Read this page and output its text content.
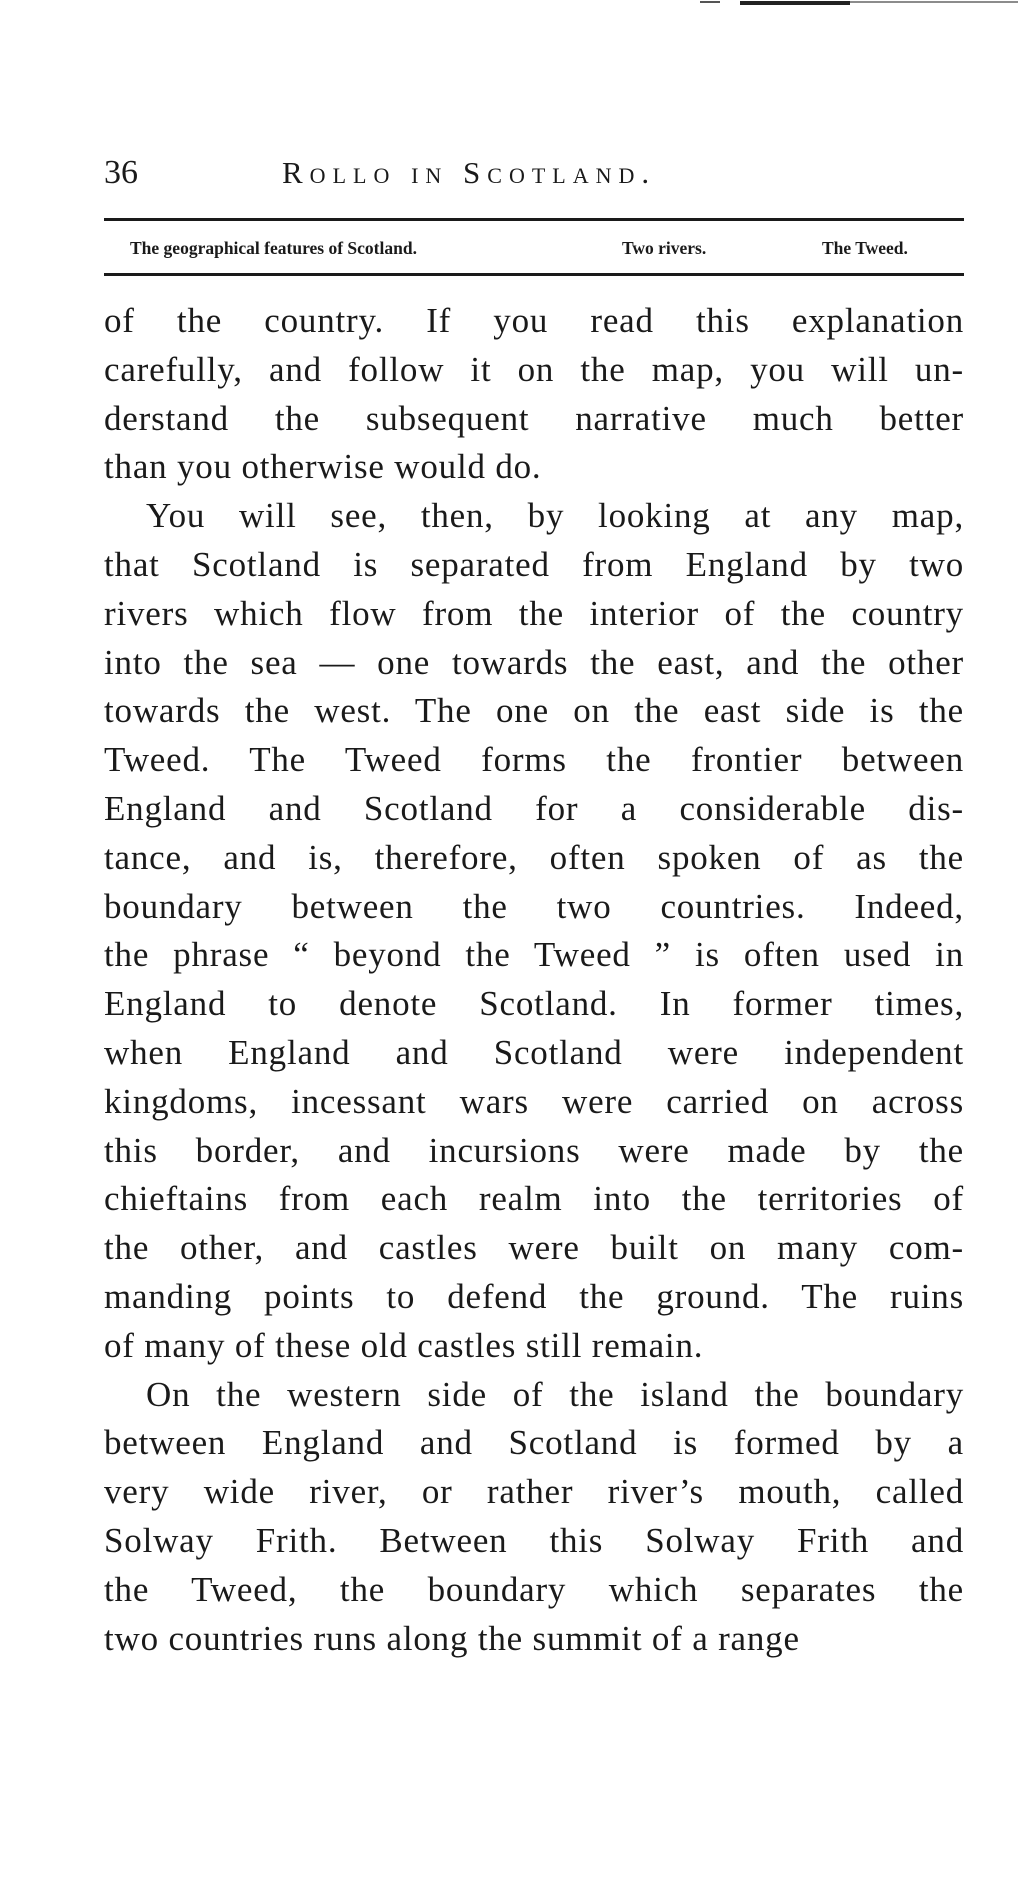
36	Rollo in Scotland.
The geographical features of Scotland.	Two rivers.	The Tweed.
of the country. If you read this explanation
carefully, and follow it on the map, you will un-
derstand the subsequent narrative much better
than you otherwise would do.
You will see, then, by looking at any map,
that Scotland is separated from England by two
rivers which flow from the interior of the country
into the sea — one towards the east, and the other
towards the west. The one on the east side is the
Tweed. The Tweed forms the frontier between
England and Scotland for a considerable dis-
tance, and is, therefore, often spoken of as the
boundary between the two countries. Indeed,
the phrase “ beyond the Tweed ” is often used in
England to denote Scotland. In former times,
when England and Scotland were independent
kingdoms, incessant wars were carried on across
this border, and incursions were made by the
chieftains from each realm into the territories of
the other, and castles were built on many com-
manding points to defend the ground. The ruins
of many of these old castles still remain.
On the western side of the island the boundary
between England and Scotland is formed by a
very wide river, or rather river’s mouth, called
Solway Frith. Between this Solway Frith and
the Tweed, the boundary which separates the
two countries runs along the summit of a range
